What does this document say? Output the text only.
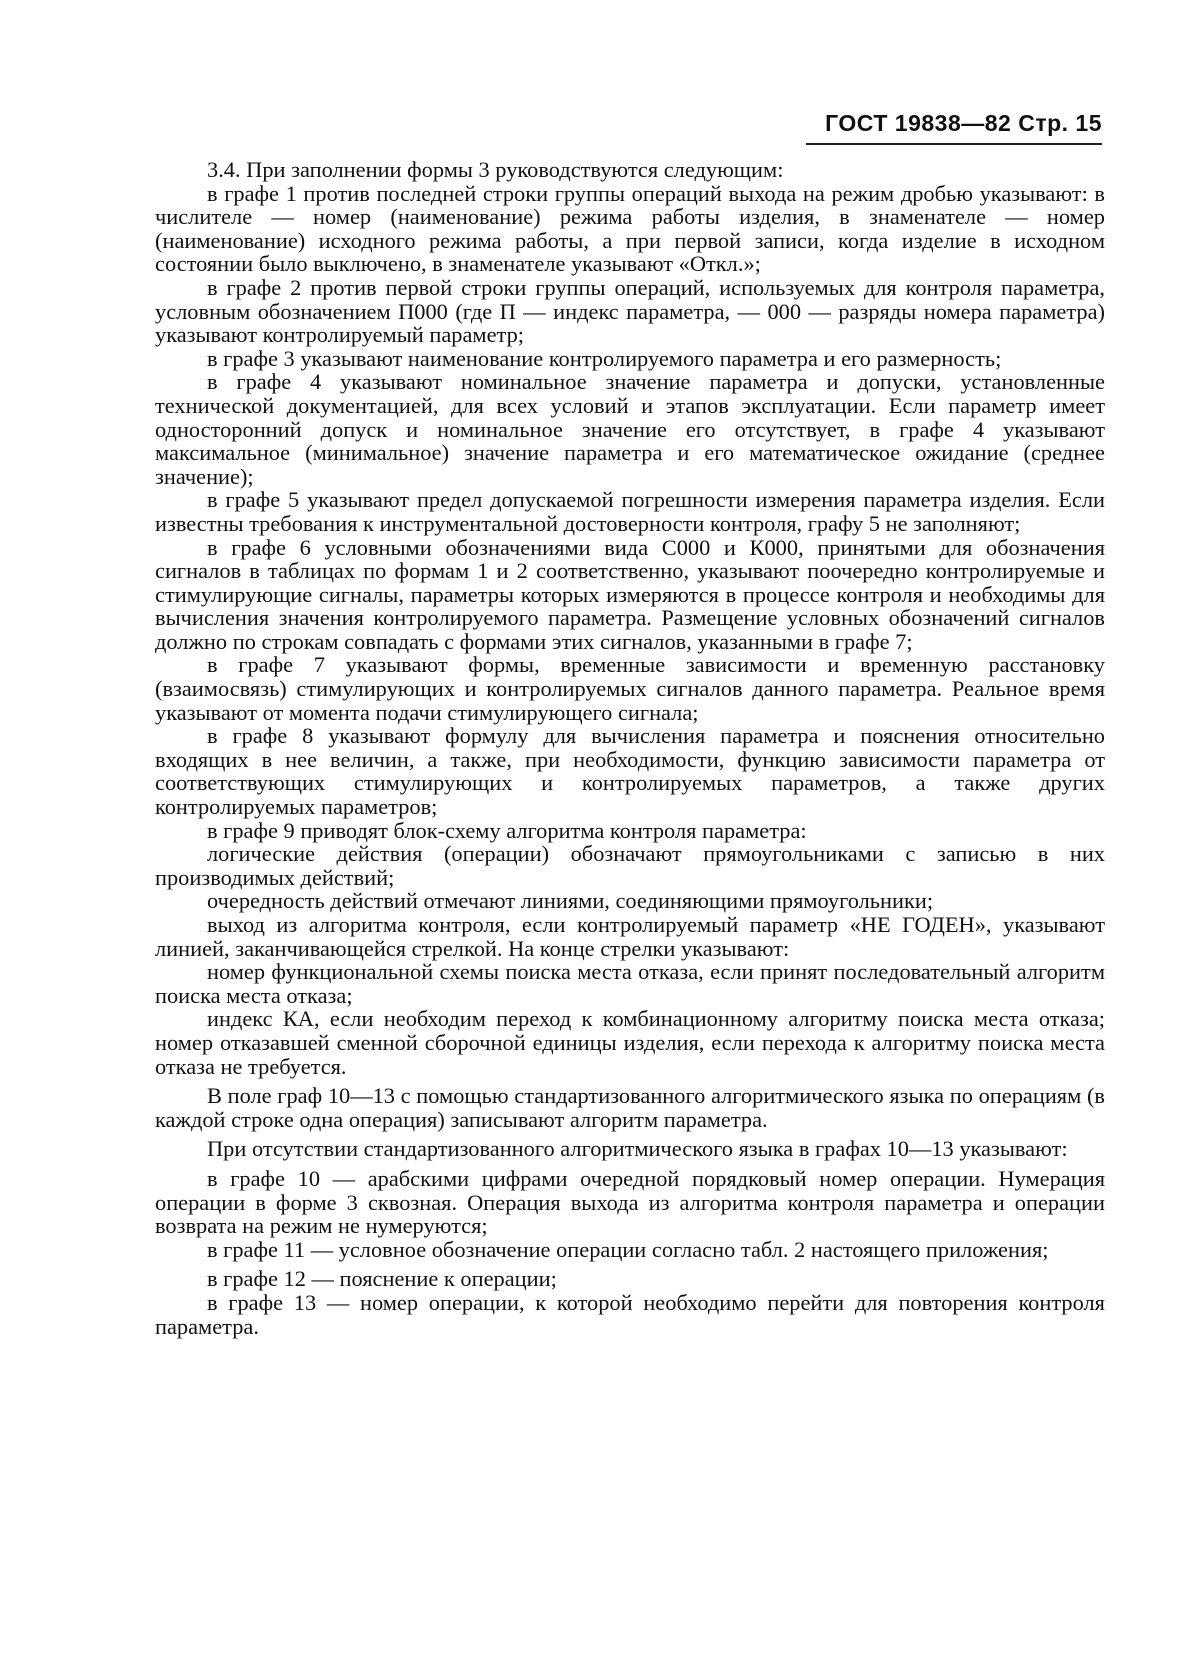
ГОСТ 19838—82 Стр. 15

3.4. При заполнении формы 3 руководствуются следующим:

в графе 1 против последней строки группы операций выхода на режим дробью указывают: в числителе — номер (наименование) режима работы изделия, в знаменателе — номер (наименование) исходного режима работы, а при первой записи, когда изделие в исходном состоянии было выключено, в знаменателе указывают «Откл.»;

в графе 2 против первой строки группы операций, используемых для контроля параметра, условным обозначением П000 (где П — индекс параметра, — 000 — разряды номера параметра) указывают контролируемый параметр;

в графе 3 указывают наименование контролируемого параметра и его размерность;

в графе 4 указывают номинальное значение параметра и допуски, установленные технической документацией, для всех условий и этапов эксплуатации. Если параметр имеет односторонний допуск и номинальное значение его отсутствует, в графе 4 указывают максимальное (минимальное) значение параметра и его математическое ожидание (среднее значение);

в графе 5 указывают предел допускаемой погрешности измерения параметра изделия. Если известны требования к инструментальной достоверности контроля, графу 5 не заполняют;

в графе 6 условными обозначениями вида С000 и К000, принятыми для обозначения сигналов в таблицах по формам 1 и 2 соответственно, указывают поочередно контролируемые и стимулирующие сигналы, параметры которых измеряются в процессе контроля и необходимы для вычисления значения контролируемого параметра. Размещение условных обозначений сигналов должно по строкам совпадать с формами этих сигналов, указанными в графе 7;

в графе 7 указывают формы, временные зависимости и временную расстановку (взаимосвязь) стимулирующих и контролируемых сигналов данного параметра. Реальное время указывают от момента подачи стимулирующего сигнала;

в графе 8 указывают формулу для вычисления параметра и пояснения относительно входящих в нее величин, а также, при необходимости, функцию зависимости параметра от соответствующих стимулирующих и контролируемых параметров, а также других контролируемых параметров;

в графе 9 приводят блок-схему алгоритма контроля параметра:

логические действия (операции) обозначают прямоугольниками с записью в них производимых действий;

очередность действий отмечают линиями, соединяющими прямоугольники;

выход из алгоритма контроля, если контролируемый параметр «НЕ ГОДЕН», указывают линией, заканчивающейся стрелкой. На конце стрелки указывают:

номер функциональной схемы поиска места отказа, если принят последовательный алгоритм поиска места отказа;

индекс КА, если необходим переход к комбинационному алгоритму поиска места отказа; номер отказавшей сменной сборочной единицы изделия, если перехода к алгоритму поиска места отказа не требуется.

В поле граф 10—13 с помощью стандартизованного алгоритмического языка по операциям (в каждой строке одна операция) записывают алгоритм параметра.

При отсутствии стандартизованного алгоритмического языка в графах 10—13 указывают:

в графе 10 — арабскими цифрами очередной порядковый номер операции. Нумерация операции в форме 3 сквозная. Операция выхода из алгоритма контроля параметра и операции возврата на режим не нумеруются;

в графе 11 — условное обозначение операции согласно табл. 2 настоящего приложения;

в графе 12 — пояснение к операции;

в графе 13 — номер операции, к которой необходимо перейти для повторения контроля параметра.
